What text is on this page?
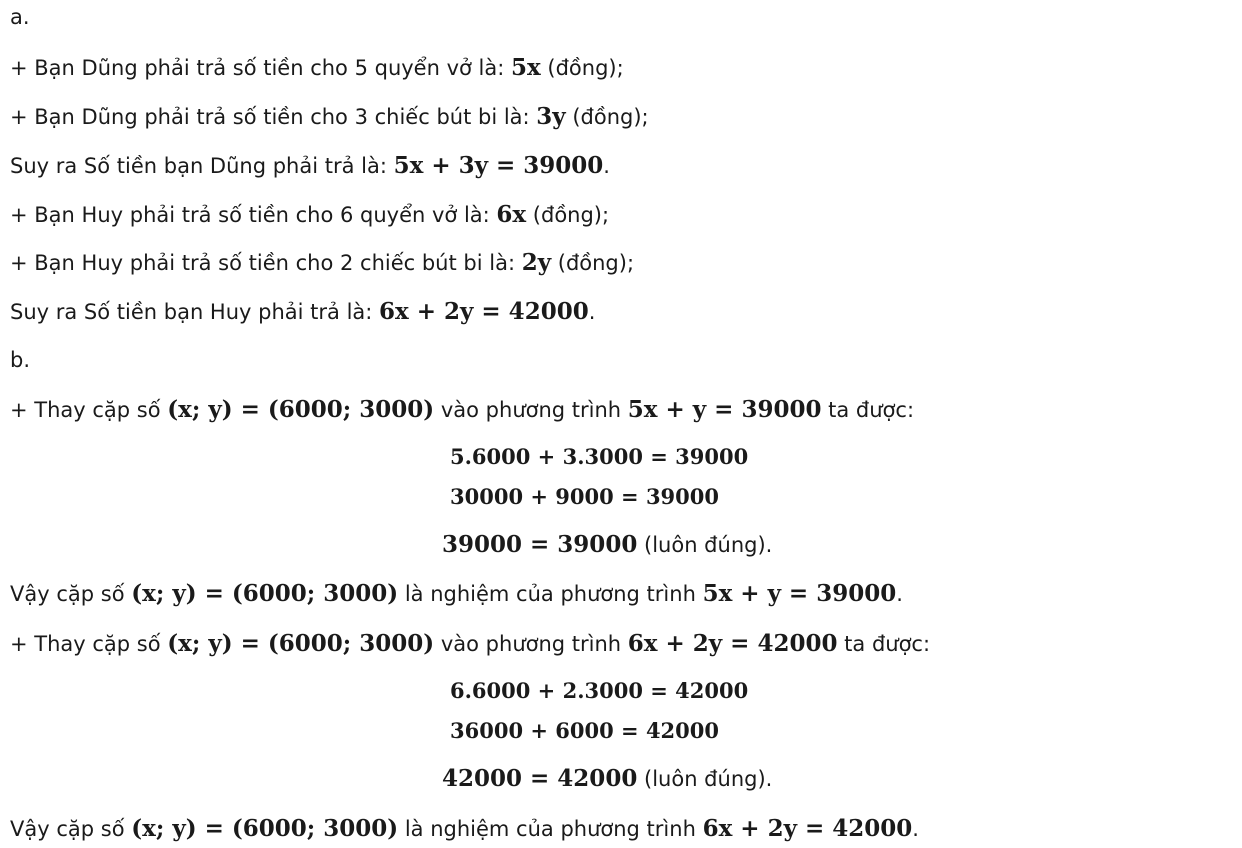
a.
+ Bạn Dũng phải trả số tiền cho 5 quyển vở là: 5x (đồng);
+ Bạn Dũng phải trả số tiền cho 3 chiếc bút bi là: 3y (đồng);
Suy ra Số tiền bạn Dũng phải trả là: 5x + 3y = 39000.
+ Bạn Huy phải trả số tiền cho 6 quyển vở là: 6x (đồng);
+ Bạn Huy phải trả số tiền cho 2 chiếc bút bi là: 2y (đồng);
Suy ra Số tiền bạn Huy phải trả là: 6x + 2y = 42000.
b.
+ Thay cặp số (x; y) = (6000; 3000) vào phương trình 5x + y = 39000 ta được:
5.6000 + 3.3000 = 39000
30000 + 9000 = 39000
39000 = 39000 (luôn đúng).
Vậy cặp số (x; y) = (6000; 3000) là nghiệm của phương trình 5x + y = 39000.
+ Thay cặp số (x; y) = (6000; 3000) vào phương trình 6x + 2y = 42000 ta được:
6.6000 + 2.3000 = 42000
36000 + 6000 = 42000
42000 = 42000 (luôn đúng).
Vậy cặp số (x; y) = (6000; 3000) là nghiệm của phương trình 6x + 2y = 42000.
